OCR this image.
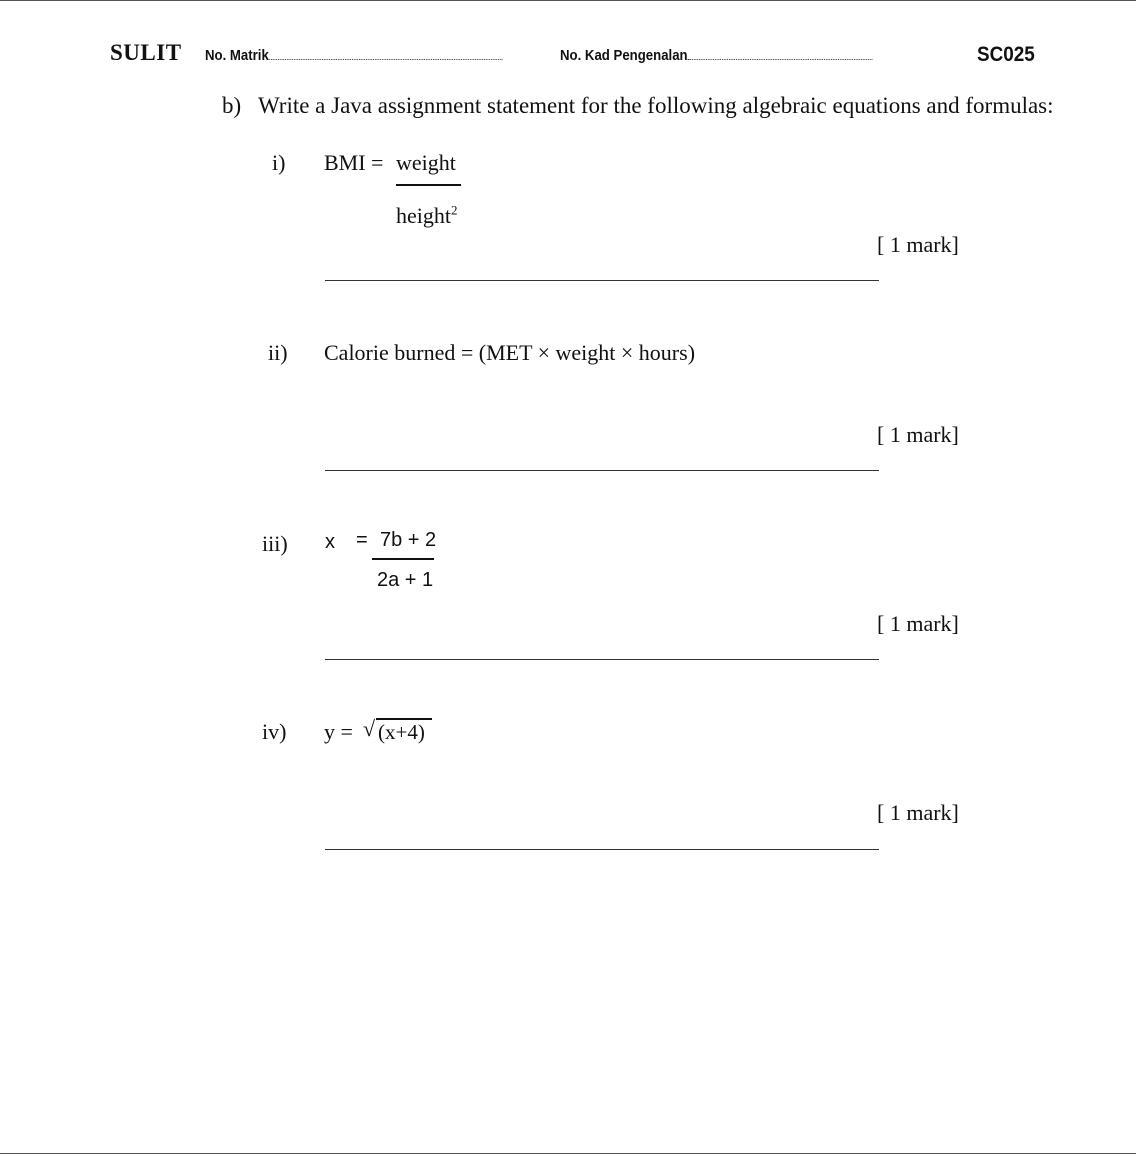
SULIT No. Matrik	No. Kad Pengenalan	SC025
b) Write a Java assignment statement for the following algebraic equations and formulas:
i) BMI = weight
height$^2$
[ 1 mark]
ii) Calorie burned = (MET × weight × hours)
[ 1 mark]
iii) x = 7b + 2
2a + 1
[ 1 mark]
iv) y = √ (x+4)
[ 1 mark]
